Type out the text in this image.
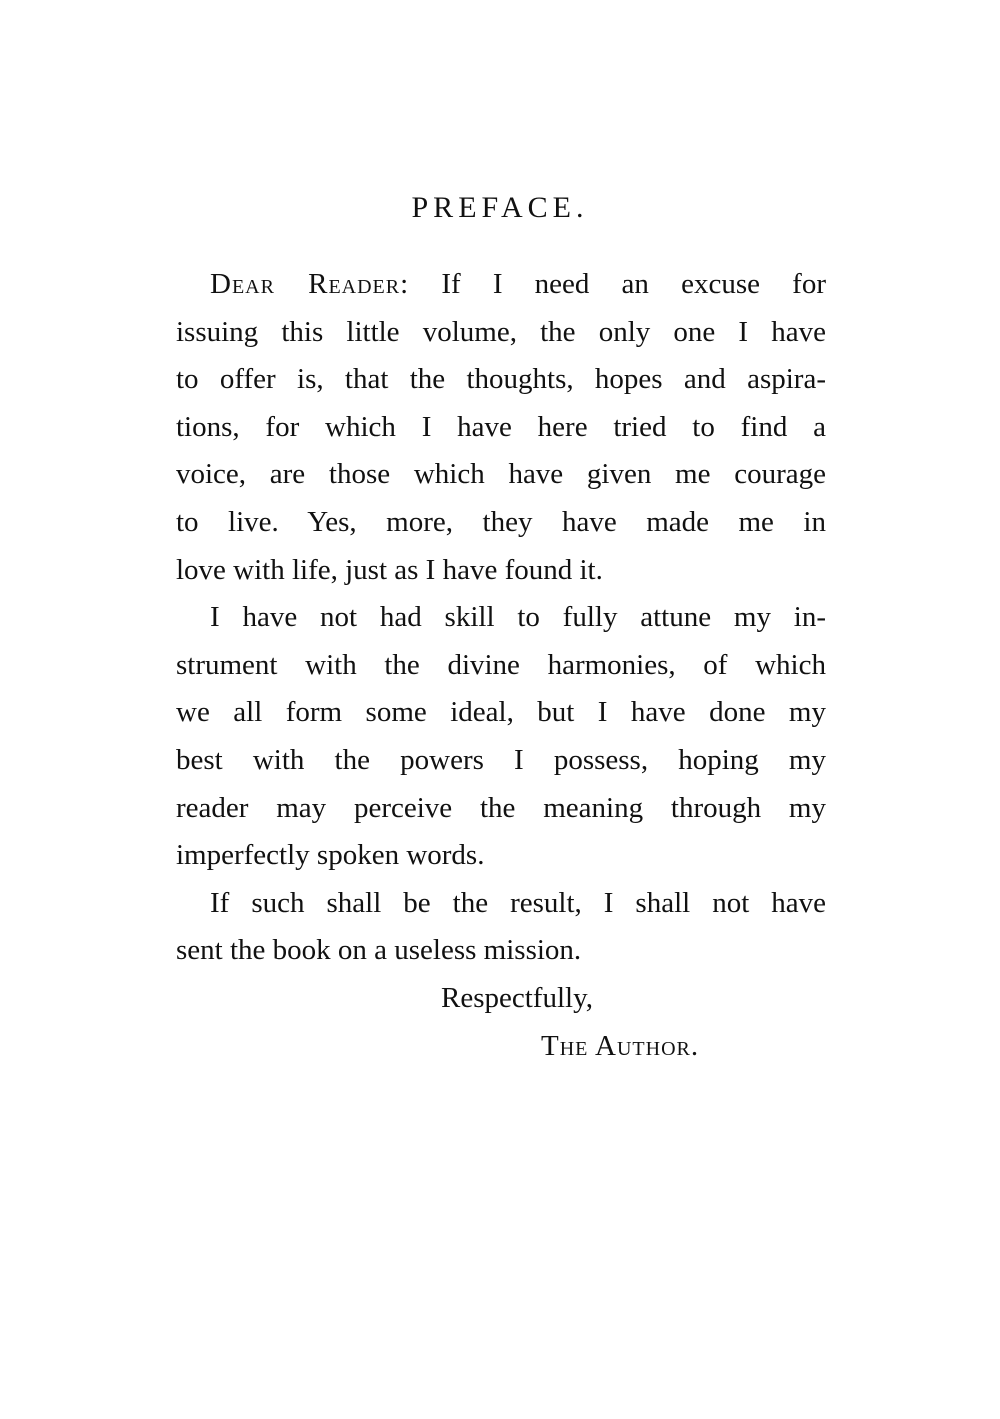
PREFACE.
Dear Reader: If I need an excuse for
issuing this little volume, the only one I have
to offer is, that the thoughts, hopes and aspira-
tions, for which I have here tried to find a
voice, are those which have given me courage
to live. Yes, more, they have made me in
love with life, just as I have found it.
I have not had skill to fully attune my in-
strument with the divine harmonies, of which
we all form some ideal, but I have done my
best with the powers I possess, hoping my
reader may perceive the meaning through my
imperfectly spoken words.
If such shall be the result, I shall not have
sent the book on a useless mission.
Respectfully,
The Author.
